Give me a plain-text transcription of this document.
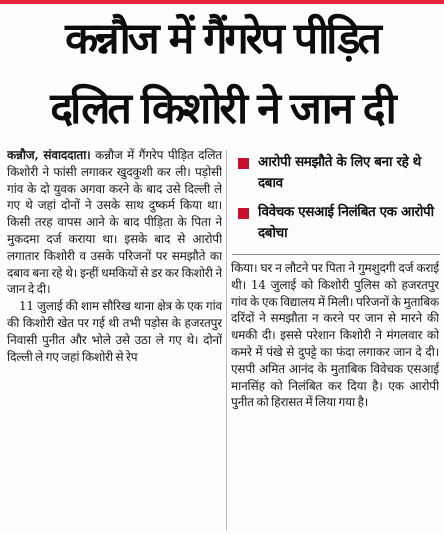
कन्नौज में गैंगरेप पीड़ित
दलित किशोरी ने जान दी

कन्नौज, संवाददाता। कन्नौज में गैंगरेप पीड़ित दलित किशोरी ने फांसी लगाकर खुदकुशी कर ली। पड़ोसी गांव के दो युवक अगवा करने के बाद उसे दिल्ली ले गए थे जहां दोनों ने उसके साथ दुष्कर्म किया था। किसी तरह वापस आने के बाद पीड़िता के पिता ने मुकदमा दर्ज कराया था। इसके बाद से आरोपी लगातार किशोरी व उसके परिजनों पर समझौते का दबाव बना रहे थे। इन्हीं धमकियों से डर कर किशोरी ने जान दे दी।

11 जुलाई की शाम सौरिख थाना क्षेत्र के एक गांव की किशोरी खेत पर गई थी तभी पड़ोस के हजरतपुर निवासी पुनीत और भोले उसे उठा ले गए थे। दोनों दिल्ली ले गए जहां किशोरी से रेप

आरोपी समझौते के लिए बना रहे थे दबाव
विवेचक एसआई निलंबित एक आरोपी दबोचा

किया। घर न लौटने पर पिता ने गुमशुदगी दर्ज कराई थी। 14 जुलाई को किशोरी पुलिस को हजरतपुर गांव के एक विद्यालय में मिली। परिजनों के मुताबिक दरिंदों ने समझौता न करने पर जान से मारने की धमकी दी। इससे परेशान किशोरी ने मंगलवार को कमरे में पंखे से दुपट्टे का फंदा लगाकर जान दे दी। एसपी अमित आनंद के मुताबिक विवेचक एसआई मानसिंह को निलंबित कर दिया है। एक आरोपी पुनीत को हिरासत में लिया गया है।
